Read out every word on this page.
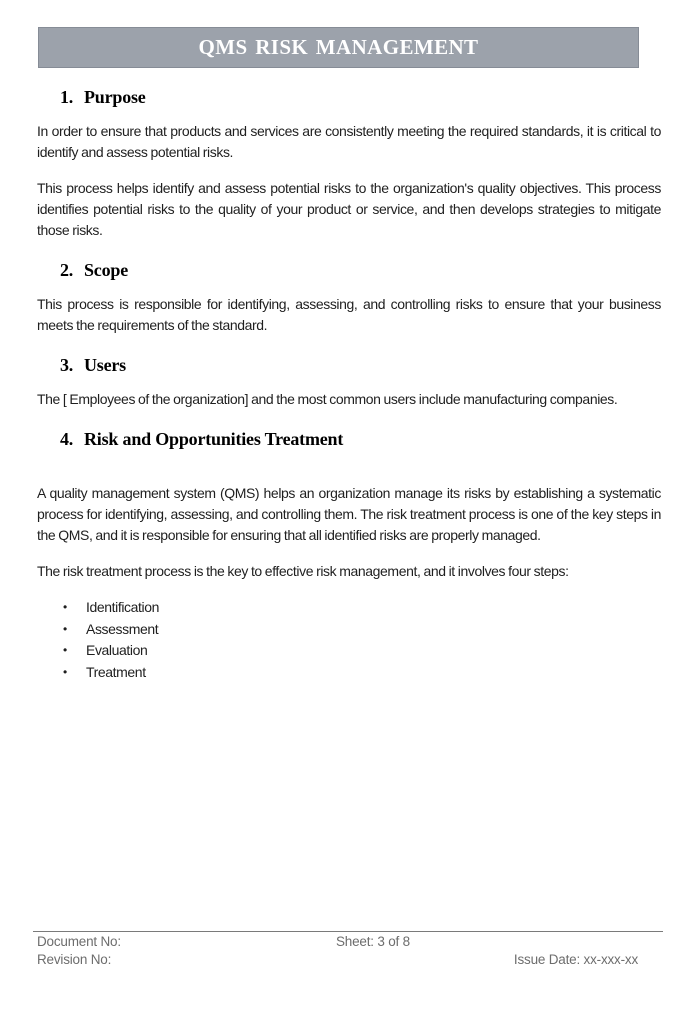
QMS RISK MANAGEMENT
1. Purpose

In order to ensure that products and services are consistently meeting the required standards, it is critical to identify and assess potential risks.

This process helps identify and assess potential risks to the organization's quality objectives. This process identifies potential risks to the quality of your product or service, and then develops strategies to mitigate those risks.

2. Scope

This process is responsible for identifying, assessing, and controlling risks to ensure that your business meets the requirements of the standard.

3. Users

The [ Employees of the organization] and the most common users include manufacturing companies.

4. Risk and Opportunities Treatment

A quality management system (QMS) helps an organization manage its risks by establishing a systematic process for identifying, assessing, and controlling them. The risk treatment process is one of the key steps in the QMS, and it is responsible for ensuring that all identified risks are properly managed.

The risk treatment process is the key to effective risk management, and it involves four steps:

•	Identification
•	Assessment
•	Evaluation
•	Treatment
Document No:	Sheet: 3 of 8
Revision No:	Issue Date: xx-xxx-xx
